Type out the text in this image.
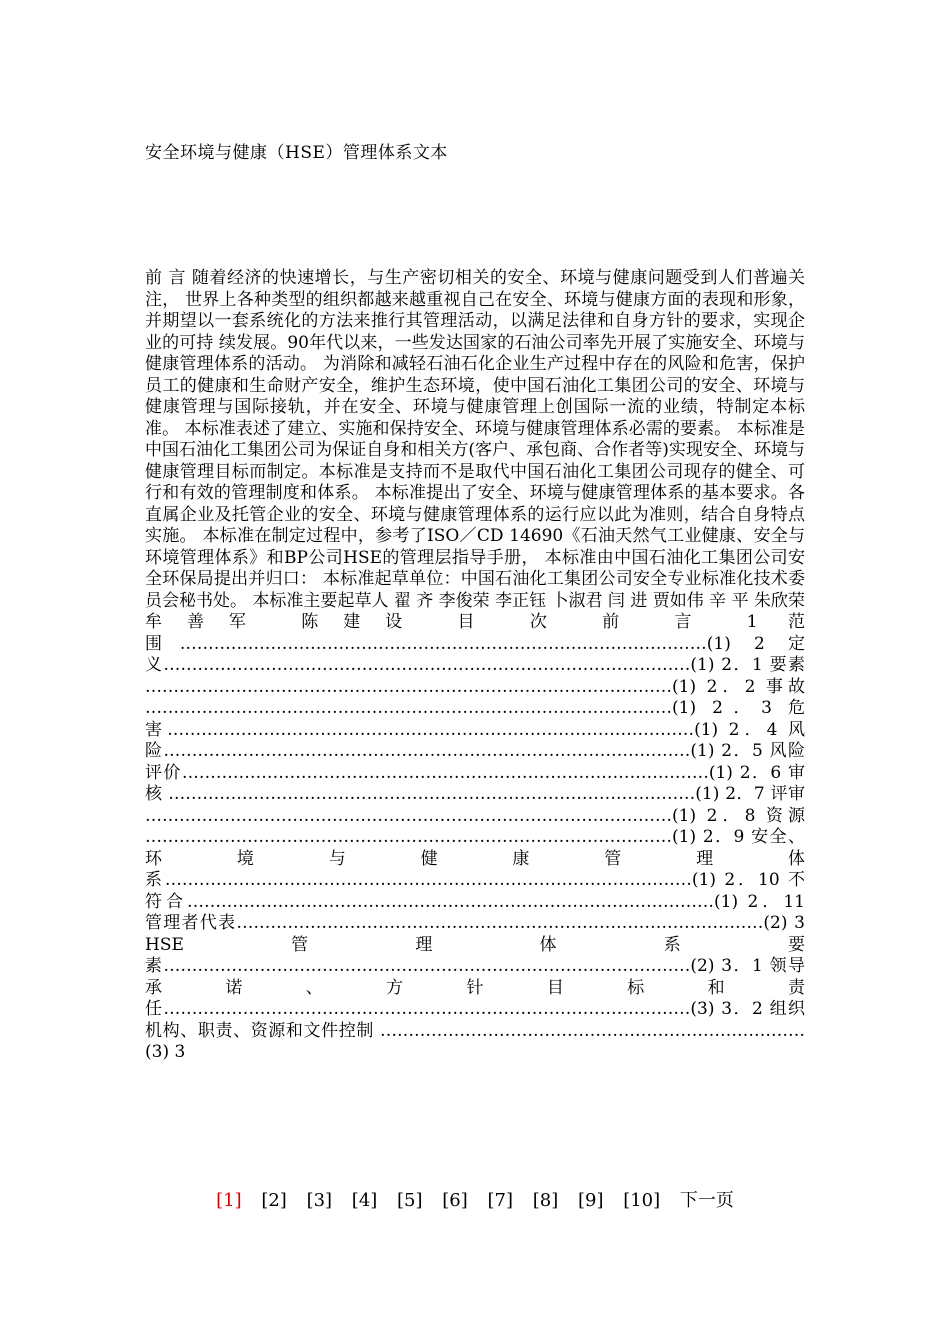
安全环境与健康（HSE）管理体系文本
前 言 随着经济的快速增长，与生产密切相关的安全、环境与健康问题受到人们普遍关注， 世界上各种类型的组织都越来越重视自己在安全、环境与健康方面的表现和形象，并期望以一套系统化的方法来推行其管理活动，以满足法律和自身方针的要求，实现企业的可持 续发展。90年代以来，一些发达国家的石油公司率先开展了实施安全、环境与健康管理体系的活动。 为消除和减轻石油石化企业生产过程中存在的风险和危害，保护员工的健康和生命财产安全，维护生态环境，使中国石油化工集团公司的安全、环境与健康管理与国际接轨，并在安全、环境与健康管理上创国际一流的业绩，特制定本标准。 本标准表述了建立、实施和保持安全、环境与健康管理体系必需的要素。 本标准是中国石油化工集团公司为保证自身和相关方(客户、承包商、合作者等)实现安全、环境与健康管理目标而制定。本标准是支持而不是取代中国石油化工集团公司现存的健全、可行和有效的管理制度和体系。 本标准提出了安全、环境与健康管理体系的基本要求。各直属企业及托管企业的安全、环境与健康管理体系的运行应以此为准则，结合自身特点实施。 本标准在制定过程中，参考了ISO／CD 14690《石油天然气工业健康、安全与环境管理体系》和BP公司HSE的管理层指导手册， 本标准由中国石油化工集团公司安全环保局提出并归口： 本标准起草单位：中国石油化工集团公司安全专业标准化技术委员会秘书处。 本标准主要起草人 翟 齐 李俊荣 李正钰 卜淑君 闫 进 贾如伟 辛 平 朱欣荣 牟善军 陈建设 目 次 前 言 1 范围…………………………………………………………………………………(1) 2 定义…………………………………………………………………………………(1) 2．1 要素 …………………………………………………………………………………(1) 2．2 事故 …………………………………………………………………………………(1) 2．3 危害…………………………………………………………………………………(1) 2．4 风险…………………………………………………………………………………(1) 2．5 风险评价…………………………………………………………………………………(1) 2．6 审核 …………………………………………………………………………………(1) 2．7 评审 …………………………………………………………………………………(1) 2．8 资源 …………………………………………………………………………………(1) 2．9 安全、环境与健康管理体系…………………………………………………………………………………(1) 2．10 不符合…………………………………………………………………………………(1) 2．11 管理者代表…………………………………………………………………………………(2) 3 HSE管理体系要素…………………………………………………………………………………(2) 3．1 领导承诺、方针目标和责任…………………………………………………………………………………(3) 3．2 组织机构、职责、资源和文件控制 …………………………………………………………………(3) 3
[1] [2] [3] [4] [5] [6] [7] [8] [9] [10] 下一页
